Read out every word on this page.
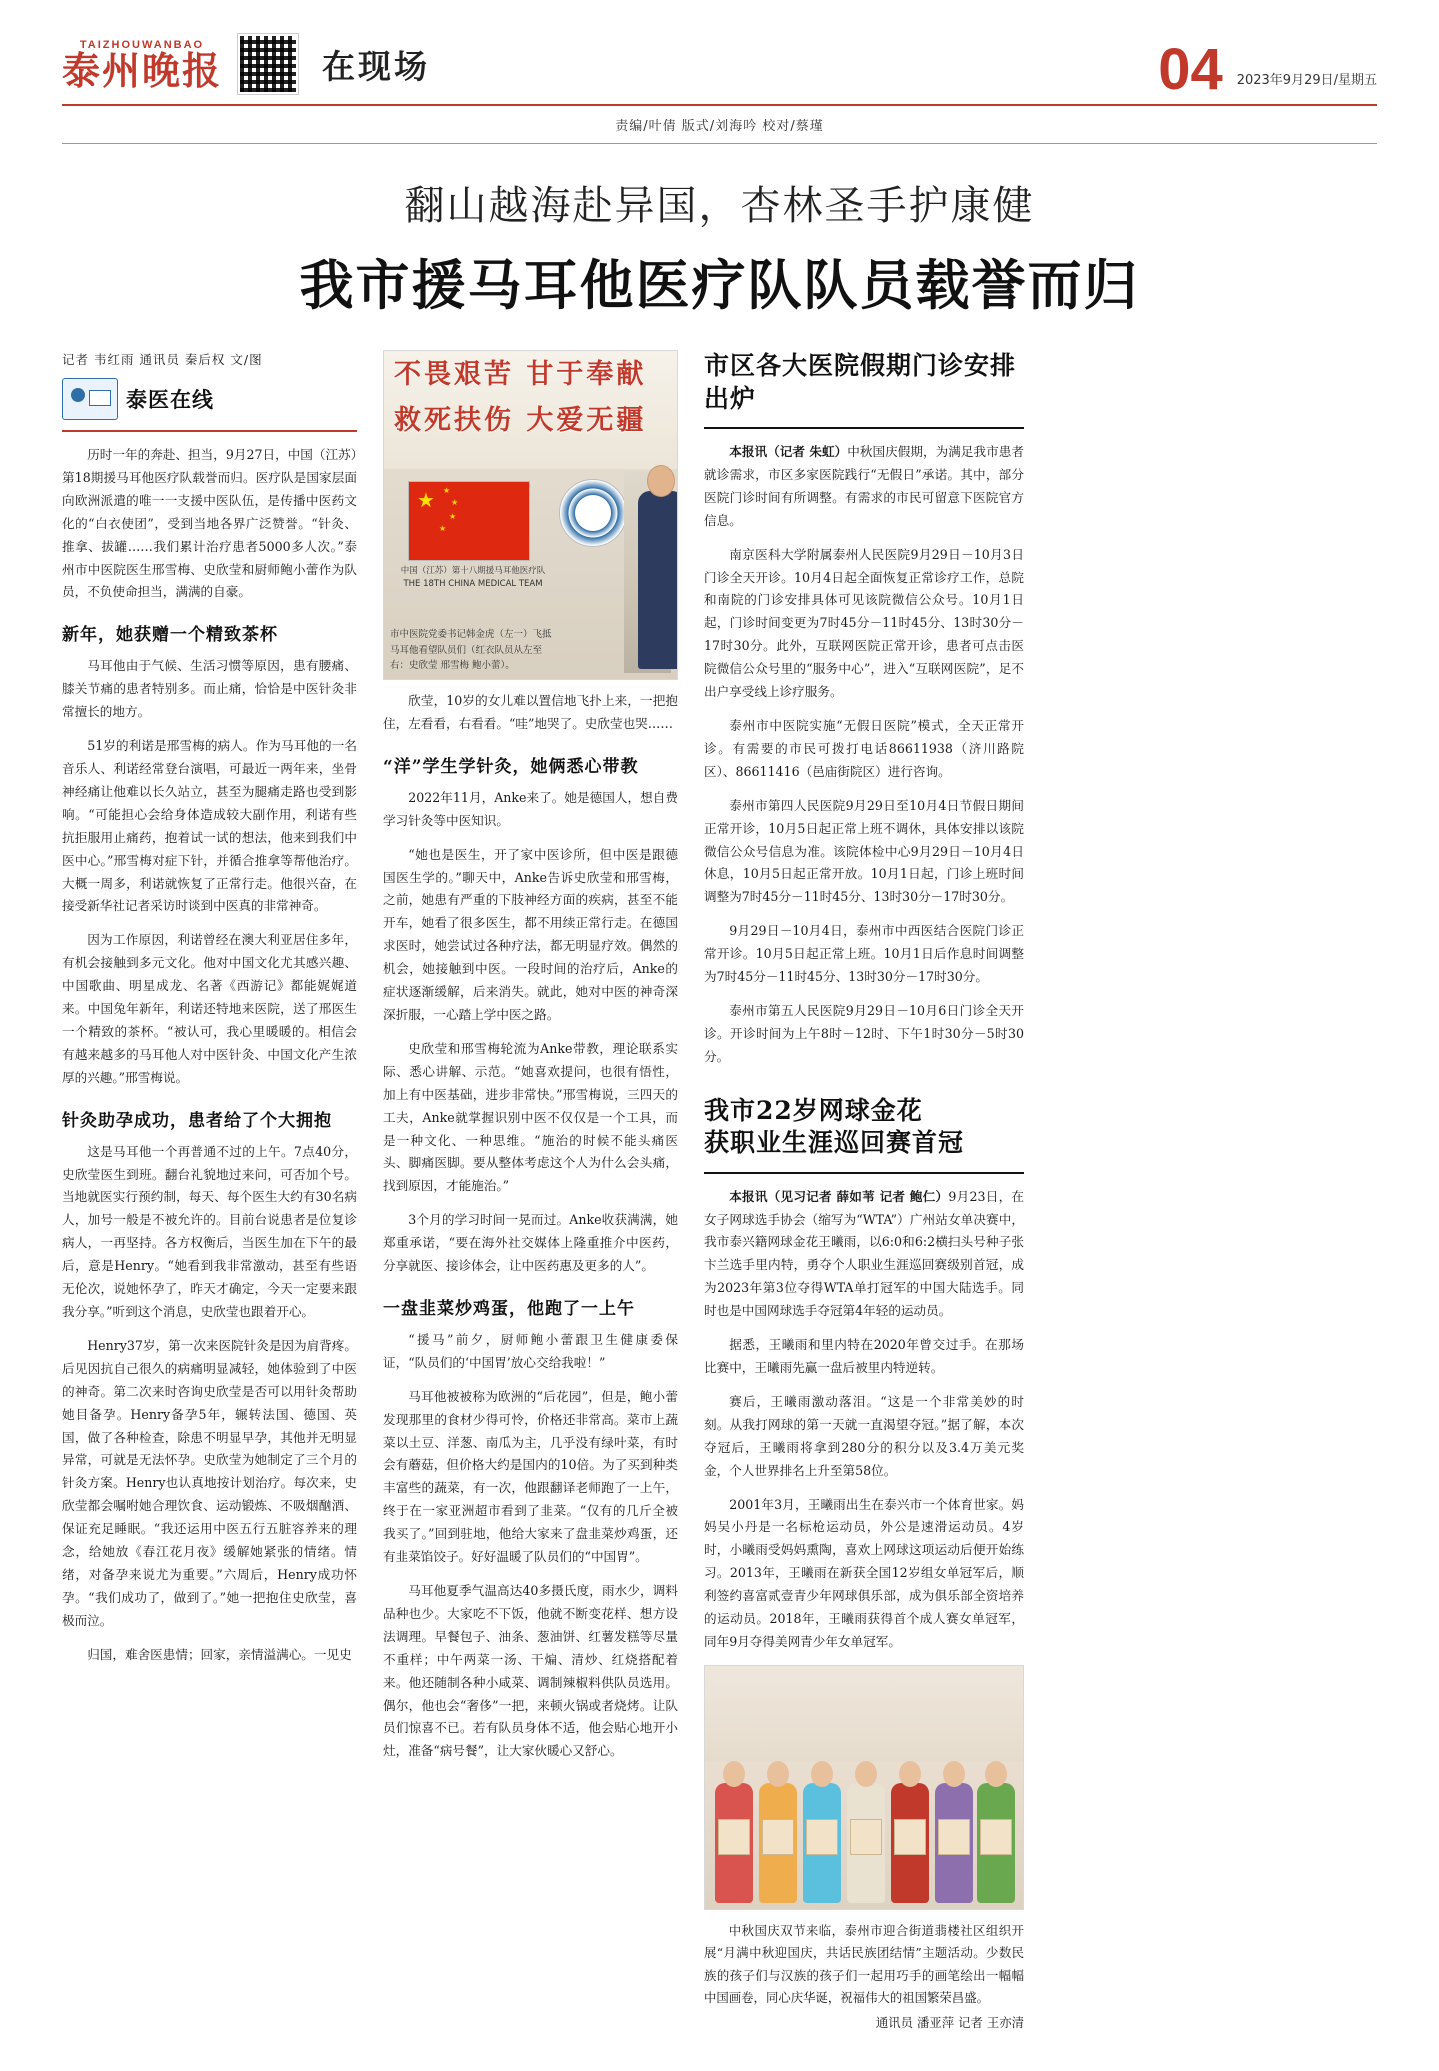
TAIZHOUWANBAO
泰州晚报	在现场	04 2023年9月29日/星期五
责编/叶倩 版式/刘海吟 校对/蔡瑾
翻山越海赴异国，杏林圣手护康健
我市援马耳他医疗队队员载誉而归
记者 韦红雨 通讯员 秦后权 文/图
泰医在线

历时一年的奔赴、担当，9月27日，中国（江苏）第18期援马耳他医疗队载誉而归。医疗队是国家层面向欧洲派遣的唯一一支援中医队伍，是传播中医药文化的“白衣使团”，受到当地各界广泛赞誉。“针灸、推拿、拔罐……我们累计治疗患者5000多人次。”泰州市中医院医生邢雪梅、史欣莹和厨师鲍小蕾作为队员，不负使命担当，满满的自豪。

新年，她获赠一个精致茶杯

马耳他由于气候、生活习惯等原因，患有腰痛、膝关节痛的患者特别多。而止痛，恰恰是中医针灸非常擅长的地方。

51岁的利诺是邢雪梅的病人。作为马耳他的一名音乐人、利诺经常登台演唱，可最近一两年来，坐骨神经痛让他难以长久站立，甚至为腿痛走路也受到影响。“可能担心会给身体造成较大副作用，利诺有些抗拒服用止痛药，抱着试一试的想法，他来到我们中医中心。”邢雪梅对症下针，并循合推拿等帮他治疗。大概一周多，利诺就恢复了正常行走。他很兴奋，在接受新华社记者采访时谈到中医真的非常神奇。

因为工作原因，利诺曾经在澳大利亚居住多年，有机会接触到多元文化。他对中国文化尤其感兴趣、中国歌曲、明星成龙、名著《西游记》都能娓娓道来。中国兔年新年，利诺还特地来医院，送了邢医生一个精致的茶杯。“被认可，我心里暖暖的。相信会有越来越多的马耳他人对中医针灸、中国文化产生浓厚的兴趣。”邢雪梅说。

针灸助孕成功，患者给了个大拥抱

这是马耳他一个再普通不过的上午。7点40分，史欣莹医生到班。翻台礼貌地过来问，可否加个号。当地就医实行预约制，每天、每个医生大约有30名病人，加号一般是不被允许的。目前台说患者是位复诊病人，一再坚持。各方权衡后，当医生加在下午的最后，意是Henry。“她看到我非常激动，甚至有些语无伦次，说她怀孕了，昨天才确定，今天一定要来跟我分享。”听到这个消息，史欣莹也跟着开心。

Henry37岁，第一次来医院针灸是因为肩背疼。后见因抗自己很久的病痛明显减轻，她体验到了中医的神奇。第二次来时咨询史欣莹是否可以用针灸帮助她目备孕。Henry备孕5年，辗转法国、德国、英国，做了各种检查，除患不明显早孕，其他并无明显异常，可就是无法怀孕。史欣莹为她制定了三个月的针灸方案。Henry也认真地按计划治疗。每次来，史欣莹都会嘱咐她合理饮食、运动锻炼、不吸烟酗酒、保证充足睡眠。“我还运用中医五行五脏容养来的理念，给她放《春江花月夜》缓解她紧张的情绪。情绪，对备孕来说尤为重要。”六周后，Henry成功怀孕。“我们成功了，做到了。”她一把抱住史欣莹，喜极而泣。

归国，难舍医患情；回家，亲情溢满心。一见史

不畏艰苦 甘于奉献
救死扶伤 大爱无疆
★ ★
★
★
★
中国（江苏）第十八期援马耳他医疗队 THE 18TH CHINA MEDICAL TEAM
市中医院党委书记韩金虎（左一）飞抵马耳他看望队员们（红衣队员从左至右：史欣莹 邢雪梅 鲍小蕾）。

欣莹，10岁的女儿难以置信地飞扑上来，一把抱住，左看看，右看看。“哇”地哭了。史欣莹也哭……

“洋”学生学针灸，她俩悉心带教

2022年11月，Anke来了。她是德国人，想自费学习针灸等中医知识。

“她也是医生，开了家中医诊所，但中医是跟德国医生学的。”聊天中，Anke告诉史欣莹和邢雪梅，之前，她患有严重的下肢神经方面的疾病，甚至不能开车，她看了很多医生，都不用续正常行走。在德国求医时，她尝试过各种疗法，都无明显疗效。偶然的机会，她接触到中医。一段时间的治疗后，Anke的症状逐渐缓解，后来消失。就此，她对中医的神奇深深折服，一心踏上学中医之路。

史欣莹和邢雪梅轮流为Anke带教，理论联系实际、悉心讲解、示范。“她喜欢提问，也很有悟性，加上有中医基础，进步非常快。”邢雪梅说，三四天的工夫，Anke就掌握识别中医不仅仅是一个工具，而是一种文化、一种思维。“施治的时候不能头痛医头、脚痛医脚。要从整体考虑这个人为什么会头痛，找到原因，才能施治。”

3个月的学习时间一晃而过。Anke收获满满，她郑重承诺，“要在海外社交媒体上隆重推介中医药，分享就医、接诊体会，让中医药惠及更多的人”。

一盘韭菜炒鸡蛋，他跑了一上午

“援马”前夕，厨师鲍小蕾跟卫生健康委保证，“队员们的‘中国胃’放心交给我啦！”

马耳他被被称为欧洲的“后花园”，但是，鲍小蕾发现那里的食材少得可怜，价格还非常高。菜市上蔬菜以土豆、洋葱、南瓜为主，几乎没有绿叶菜，有时会有蘑菇，但价格大约是国内的10倍。为了买到种类丰富些的蔬菜，有一次，他跟翻译老师跑了一上午，终于在一家亚洲超市看到了韭菜。“仅有的几斤全被我买了。”回到驻地，他给大家来了盘韭菜炒鸡蛋，还有韭菜馅饺子。好好温暖了队员们的“中国胃”。

马耳他夏季气温高达40多摄氏度，雨水少，调料品种也少。大家吃不下饭，他就不断变花样、想方设法调理。早餐包子、油条、葱油饼、红薯发糕等尽量不重样；中午两菜一汤、干煸、清炒、红烧搭配着来。他还随制各种小咸菜、调制辣椒料供队员选用。偶尔，他也会“奢侈”一把，来顿火锅或者烧烤。让队员们惊喜不已。若有队员身体不适，他会贴心地开小灶，准备“病号餐”，让大家伙暖心又舒心。

市区各大医院假期门诊安排出炉

本报讯（记者 朱虹）中秋国庆假期，为满足我市患者就诊需求，市区多家医院践行“无假日”承诺。其中，部分医院门诊时间有所调整。有需求的市民可留意下医院官方信息。

南京医科大学附属泰州人民医院9月29日－10月3日门诊全天开诊。10月4日起全面恢复正常诊疗工作，总院和南院的门诊安排具体可见该院微信公众号。10月1日起，门诊时间变更为7时45分－11时45分、13时30分－17时30分。此外，互联网医院正常开诊，患者可点击医院微信公众号里的“服务中心”，进入“互联网医院”，足不出户享受线上诊疗服务。

泰州市中医院实施“无假日医院”模式，全天正常开诊。有需要的市民可拨打电话86611938（济川路院区）、86611416（邑庙街院区）进行咨询。

泰州市第四人民医院9月29日至10月4日节假日期间正常开诊，10月5日起正常上班不调休，具体安排以该院微信公众号信息为准。该院体检中心9月29日－10月4日休息，10月5日起正常开放。10月1日起，门诊上班时间调整为7时45分－11时45分、13时30分－17时30分。

9月29日－10月4日，泰州市中西医结合医院门诊正常开诊。10月5日起正常上班。10月1日后作息时间调整为7时45分－11时45分、13时30分－17时30分。

泰州市第五人民医院9月29日－10月6日门诊全天开诊。开诊时间为上午8时－12时、下午1时30分－5时30分。

我市22岁网球金花
获职业生涯巡回赛首冠

本报讯（见习记者 薛如苇 记者 鲍仁）9月23日，在女子网球选手协会（缩写为“WTA”）广州站女单决赛中，我市泰兴籍网球金花王曦雨，以6:0和6:2横扫头号种子张卞兰选手里内特，勇夺个人职业生涯巡回赛级别首冠，成为2023年第3位夺得WTA单打冠军的中国大陆选手。同时也是中国网球选手夺冠第4年轻的运动员。

据悉，王曦雨和里内特在2020年曾交过手。在那场比赛中，王曦雨先赢一盘后被里内特逆转。

赛后，王曦雨激动落泪。“这是一个非常美妙的时刻。从我打网球的第一天就一直渴望夺冠。”据了解，本次夺冠后，王曦雨将拿到280分的积分以及3.4万美元奖金，个人世界排名上升至第58位。

2001年3月，王曦雨出生在泰兴市一个体育世家。妈妈吴小丹是一名标枪运动员，外公是速滑运动员。4岁时，小曦雨受妈妈熏陶，喜欢上网球这项运动后便开始练习。2013年，王曦雨在新获全国12岁组女单冠军后，顺利签约喜富贰壹青少年网球俱乐部，成为俱乐部全资培养的运动员。2018年，王曦雨获得首个成人赛女单冠军，同年9月夺得美网青少年女单冠军。

中秋国庆双节来临，泰州市迎合街道翡楼社区组织开展“月满中秋迎国庆，共话民族团结情”主题活动。少数民族的孩子们与汉族的孩子们一起用巧手的画笔绘出一幅幅中国画卷，同心庆华诞，祝福伟大的祖国繁荣昌盛。
通讯员 潘亚萍 记者 王亦清
